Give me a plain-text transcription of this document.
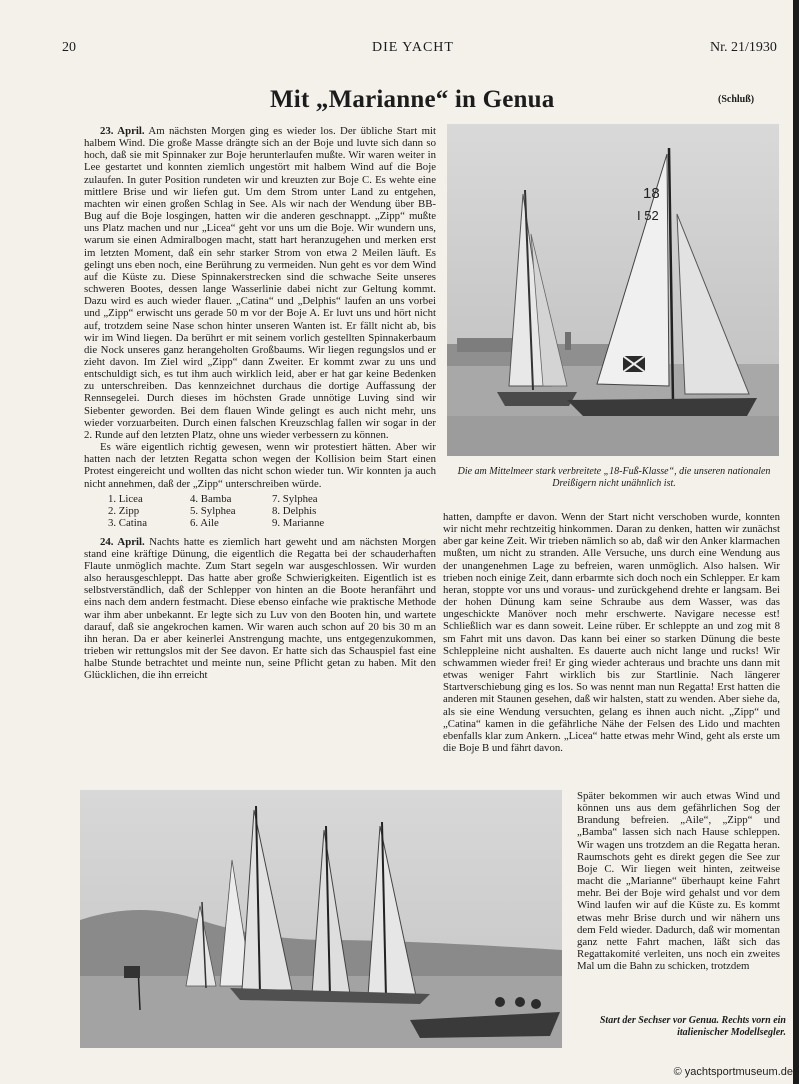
20	DIE YACHT	Nr. 21/1930
Mit „Marianne“ in Genua	(Schluß)

23. April. Am nächsten Morgen ging es wieder los. Der übliche Start mit halbem Wind. Die große Masse drängte sich an der Boje und luvte sich dann so hoch, daß sie mit Spinnaker zur Boje herunterlaufen mußte. Wir waren weiter in Lee gestartet und konnten ziemlich ungestört mit halbem Wind auf die Boje zulaufen. In guter Position rundeten wir und kreuzten zur Boje C. Es wehte eine mittlere Brise und wir liefen gut. Um dem Strom unter Land zu entgehen, machten wir einen großen Schlag in See. Als wir nach der Wendung über BB-Bug auf die Boje losgingen, hatten wir die anderen geschnappt. „Zipp“ mußte uns Platz machen und nur „Licea“ geht vor uns um die Boje. Wir wundern uns, warum sie einen Admiralbogen macht, statt hart heranzugehen und merken erst im letzten Moment, daß ein sehr starker Strom von etwa 2 Meilen läuft. Es gelingt uns eben noch, eine Berührung zu vermeiden. Nun geht es vor dem Wind auf die Küste zu. Diese Spinnakerstrecken sind die schwache Seite unseres schweren Bootes, dessen lange Wasserlinie dabei nicht zur Geltung kommt. Dazu wird es auch wieder flauer. „Catina“ und „Delphis“ laufen an uns vorbei und „Zipp“ erwischt uns gerade 50 m vor der Boje A. Er luvt uns und hört nicht auf, trotzdem seine Nase schon hinter unseren Wanten ist. Er fällt nicht ab, bis wir im Wind liegen. Da berührt er mit seinem vorlich gestellten Spinnakerbaum die Nock unseres ganz herangeholten Großbaums. Wir liegen regungslos und er zieht davon. Im Ziel wird „Zipp“ dann Zweiter. Er kommt zwar zu uns und entschuldigt sich, es tut ihm auch wirklich leid, aber er hat gar keine Bedenken zu unterschreiben. Das kennzeichnet durchaus die dortige Auffassung der Rennsegelei. Durch dieses im höchsten Grade unnötige Luving sind wir Siebenter geworden. Bei dem flauen Winde gelingt es auch nicht mehr, uns wieder vorzuarbeiten. Durch einen falschen Kreuzschlag fallen wir sogar in der 2. Runde auf den letzten Platz, ohne uns wieder verbessern zu können.

Es wäre eigentlich richtig gewesen, wenn wir protestiert hätten. Aber wir hatten nach der letzten Regatta schon wegen der Kollision beim Start einen Protest eingereicht und wollten das nicht schon wieder tun. Wir konnten ja auch nicht annehmen, daß der „Zipp“ unterschreiben würde.

1. Licea	4. Bamba	7. Sylphea
2. Zipp	5. Sylphea	8. Delphis
3. Catina	6. Aile	9. Marianne

24. April. Nachts hatte es ziemlich hart geweht und am nächsten Morgen stand eine kräftige Dünung, die eigentlich die Regatta bei der schauderhaften Flaute unmöglich machte. Zum Start segeln war ausgeschlossen. Wir wurden also herausgeschleppt. Das hatte aber große Schwierigkeiten. Eigentlich ist es selbstverständlich, daß der Schlepper von hinten an die Boote heranfährt und eins nach dem andern festmacht. Diese ebenso einfache wie praktische Methode war ihm aber unbekannt. Er legte sich zu Luv von den Booten hin, und wartete darauf, daß sie angekrochen kamen. Wir waren auch schon auf 20 bis 30 m an ihn heran. Da er aber keinerlei Anstrengung machte, uns entgegenzukommen, trieben wir rettungslos mit der See davon. Er hatte sich das Schauspiel fast eine halbe Stunde betrachtet und meinte nun, seine Pflicht getan zu haben. Mit den Glücklichen, die ihn erreicht

18
I 52
Die am Mittelmeer stark verbreitete „18-Fuß-Klasse“, die unseren nationalen Dreißigern nicht unähnlich ist.

hatten, dampfte er davon. Wenn der Start nicht verschoben wurde, konnten wir nicht mehr rechtzeitig hinkommen. Daran zu denken, hatten wir zunächst aber gar keine Zeit. Wir trieben nämlich so ab, daß wir den Anker klarmachen mußten, um nicht zu stranden. Alle Versuche, uns durch eine Wendung aus der unangenehmen Lage zu befreien, waren unmöglich. Also halsen. Wir trieben noch einige Zeit, dann erbarmte sich doch noch ein Schlepper. Er kam heran, stoppte vor uns und voraus- und zurückgehend drehte er langsam. Bei der hohen Dünung kam seine Schraube aus dem Wasser, was das ungeschickte Manöver noch mehr erschwerte. Navigare necesse est! Schließlich war es dann soweit. Leine rüber. Er schleppte an und zog mit 8 sm Fahrt mit uns davon. Das kann bei einer so starken Dünung die beste Schleppleine nicht aushalten. Es dauerte auch nicht lange und rucks! Wir schwammen wieder frei! Er ging wieder achteraus und brachte uns dann mit etwas weniger Fahrt wirklich bis zur Startlinie. Nach längerer Startverschiebung ging es los. So was nennt man nun Regatta! Erst hatten die anderen mit Staunen gesehen, daß wir halsten, statt zu wenden. Aber siehe da, als sie eine Wendung versuchten, gelang es ihnen auch nicht. „Zipp“ und „Catina“ kamen in die gefährliche Nähe der Felsen des Lido und machten ebenfalls klar zum Ankern. „Licea“ hatte etwas mehr Wind, geht als erste um die Boje B und fährt davon.

Später bekommen wir auch etwas Wind und können uns aus dem gefährlichen Sog der Brandung befreien. „Aile“, „Zipp“ und „Bamba“ lassen sich nach Hause schleppen. Wir wagen uns trotzdem an die Regatta heran. Raumschots geht es direkt gegen die See zur Boje C. Wir liegen weit hinten, zeitweise macht die „Marianne“ überhaupt keine Fahrt mehr. Bei der Boje wird gehalst und vor dem Wind laufen wir auf die Küste zu. Es kommt etwas mehr Brise durch und wir nähern uns dem Feld wieder. Dadurch, daß wir momentan ganz nette Fahrt machen, läßt sich das Regattakomité verleiten, uns noch ein zweites Mal um die Bahn zu schicken, trotzdem

Start der Sechser vor Genua. Rechts vorn ein italienischer Modellsegler.
© yachtsportmuseum.de
